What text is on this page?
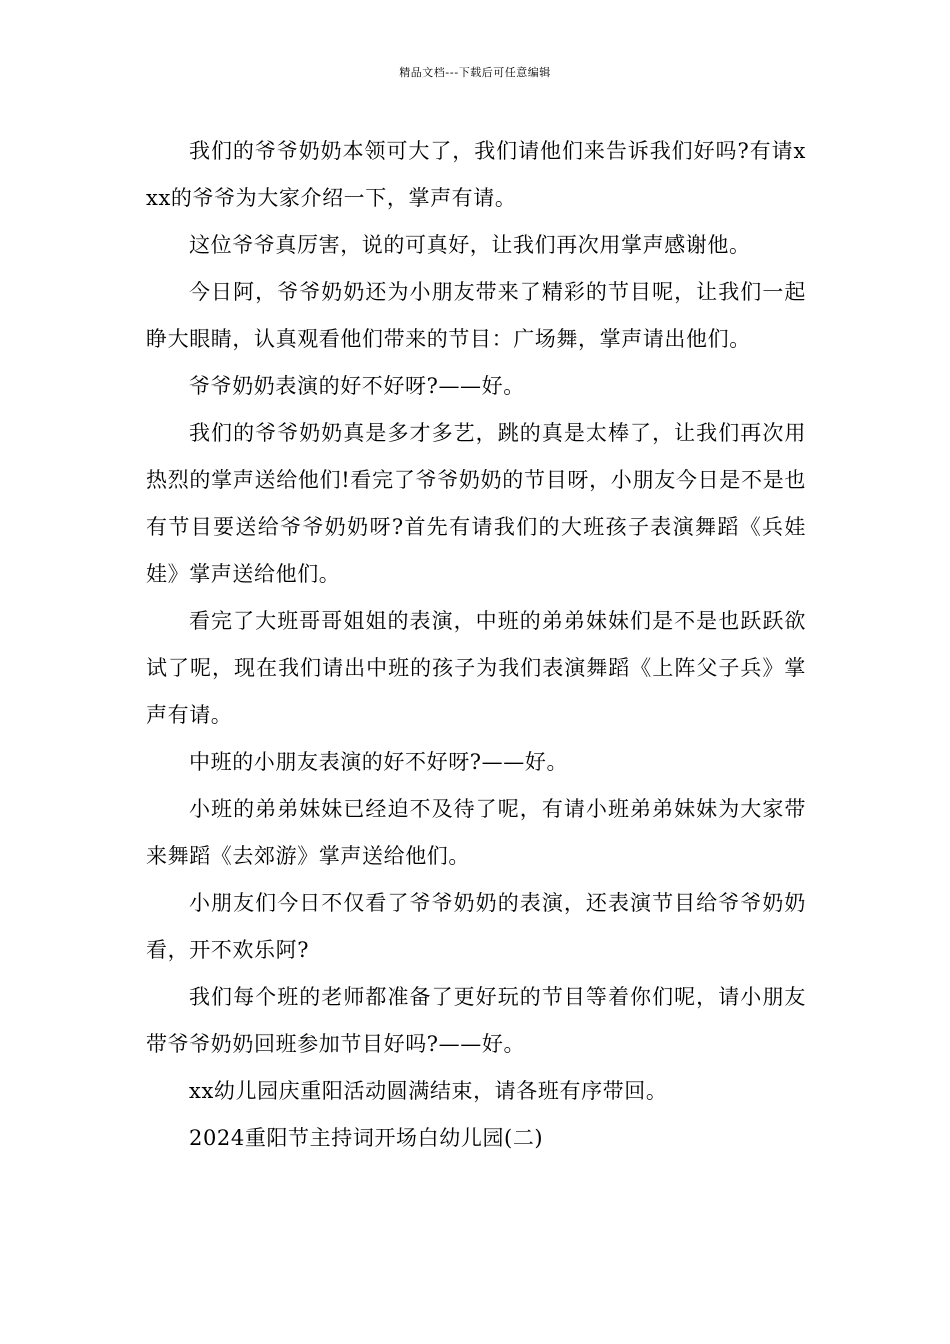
精品文档---下载后可任意编辑

我们的爷爷奶奶本领可大了，我们请他们来告诉我们好吗?有请xxx的爷爷为大家介绍一下，掌声有请。

这位爷爷真厉害，说的可真好，让我们再次用掌声感谢他。

今日阿，爷爷奶奶还为小朋友带来了精彩的节目呢，让我们一起睁大眼睛，认真观看他们带来的节目：广场舞，掌声请出他们。

爷爷奶奶表演的好不好呀?——好。

我们的爷爷奶奶真是多才多艺，跳的真是太棒了，让我们再次用热烈的掌声送给他们!看完了爷爷奶奶的节目呀，小朋友今日是不是也有节目要送给爷爷奶奶呀?首先有请我们的大班孩子表演舞蹈《兵娃娃》掌声送给他们。

看完了大班哥哥姐姐的表演，中班的弟弟妹妹们是不是也跃跃欲试了呢，现在我们请出中班的孩子为我们表演舞蹈《上阵父子兵》掌声有请。

中班的小朋友表演的好不好呀?——好。

小班的弟弟妹妹已经迫不及待了呢，有请小班弟弟妹妹为大家带来舞蹈《去郊游》掌声送给他们。

小朋友们今日不仅看了爷爷奶奶的表演，还表演节目给爷爷奶奶看，开不欢乐阿?

我们每个班的老师都准备了更好玩的节目等着你们呢，请小朋友带爷爷奶奶回班参加节目好吗?——好。

xx幼儿园庆重阳活动圆满结束，请各班有序带回。

2024重阳节主持词开场白幼儿园(二)
